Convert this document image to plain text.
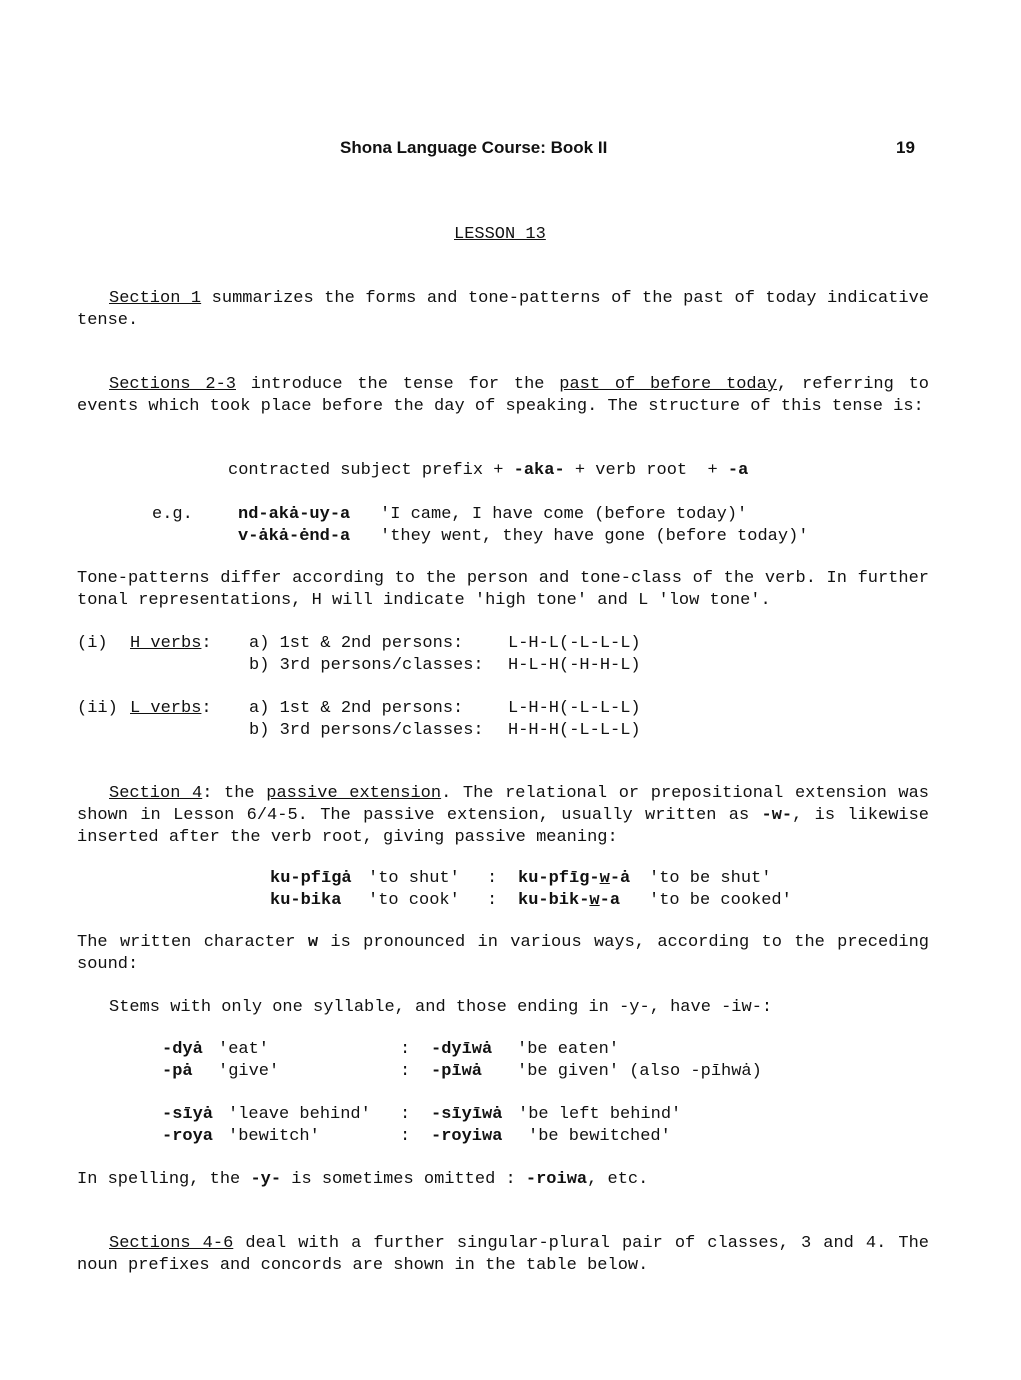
Shona Language Course: Book II	19
LESSON 13
Section 1 summarizes the forms and tone-patterns of the past of today indicative tense.
Sections 2-3 introduce the tense for the past of before today, referring to events which took place before the day of speaking. The structure of this tense is:
contracted subject prefix + -aka- + verb root  + -a
e.g.	nd-akȧ-uy-a 'I came, I have come (before today)'
v-ȧkȧ-ėnd-a 'they went, they have gone (before today)'
Tone-patterns differ according to the person and tone-class of the verb. In further tonal representations, H will indicate 'high tone' and L 'low tone'.
(i) H verbs: a) 1st & 2nd persons:	L-H-L(-L-L-L)
b) 3rd persons/classes: H-L-H(-H-H-L)
(ii) L verbs: a) 1st & 2nd persons:	L-H-H(-L-L-L)
b) 3rd persons/classes: H-H-H(-L-L-L)
Section 4: the passive extension. The relational or prepositional extension was shown in Lesson 6/4-5. The passive extension, usually written as -w-, is likewise inserted after the verb root, giving passive meaning:
ku-pfīgȧ 'to shut' : ku-pfīg-w-ȧ 'to be shut'
ku-bika 'to cook' : ku-bik-w-a 'to be cooked'
The written character w is pronounced in various ways, according to the preceding sound:
Stems with only one syllable, and those ending in -y-, have -iw-:
-dyȧ 'eat'	: -dyīwȧ 'be eaten'
-pȧ 'give'	: -pīwȧ 'be given' (also -pīhwȧ)
-sīyȧ 'leave behind' : -sīyīwȧ 'be left behind'
-roya 'bewitch'	: -royiwa 'be bewitched'
In spelling, the -y- is sometimes omitted : -roiwa, etc.
Sections 4-6 deal with a further singular-plural pair of classes, 3 and 4. The noun prefixes and concords are shown in the table below.
